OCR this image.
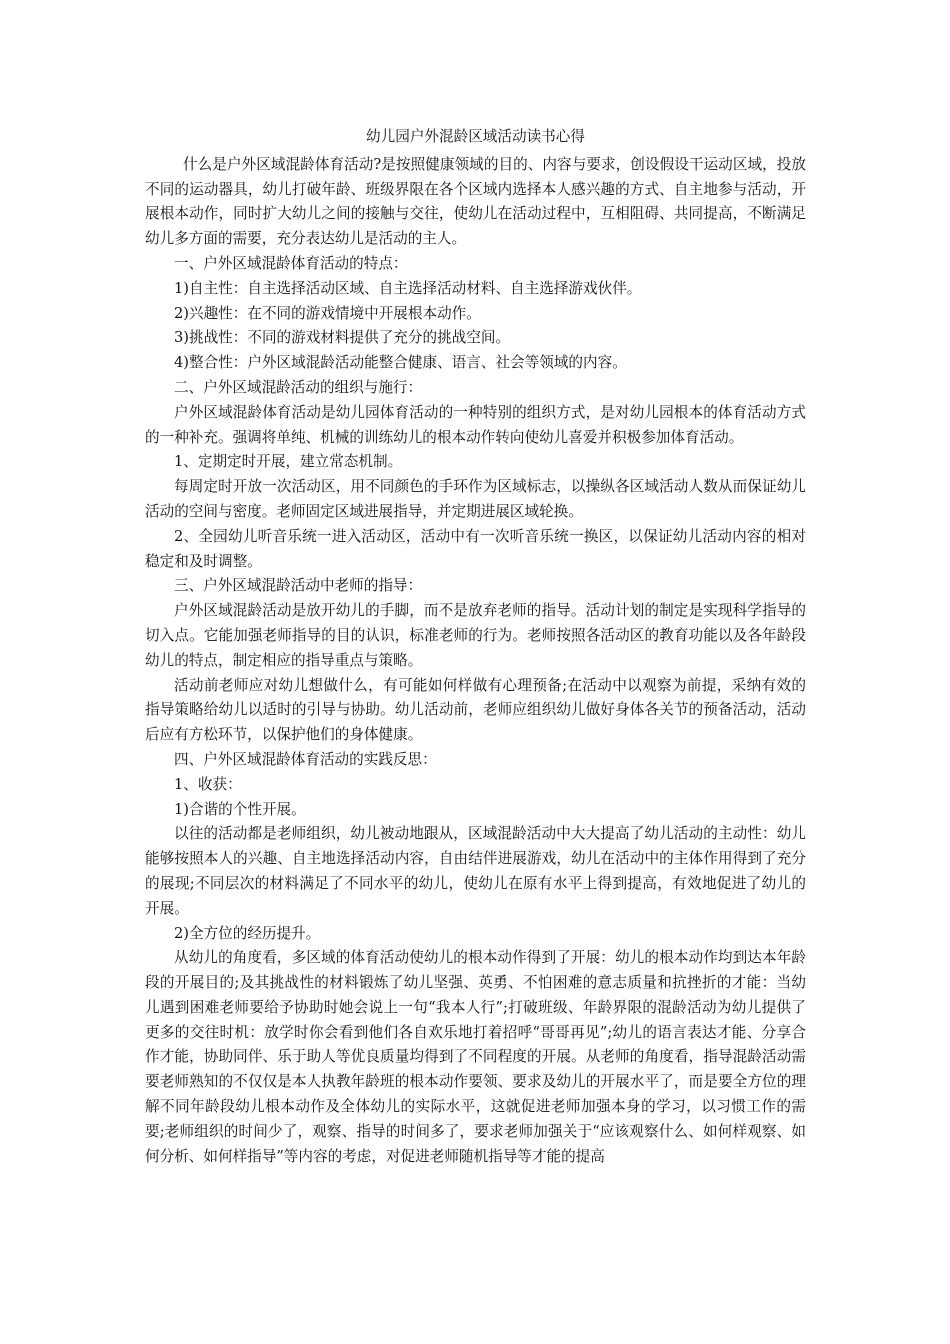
幼儿园户外混龄区域活动读书心得

什么是户外区域混龄体育活动?是按照健康领域的目的、内容与要求，创设假设干运动区域，投放不同的运动器具，幼儿打破年龄、班级界限在各个区域内选择本人感兴趣的方式、自主地参与活动，开展根本动作，同时扩大幼儿之间的接触与交往，使幼儿在活动过程中，互相阻碍、共同提高，不断满足幼儿多方面的需要，充分表达幼儿是活动的主人。

一、户外区域混龄体育活动的特点：

1)自主性：自主选择活动区域、自主选择活动材料、自主选择游戏伙伴。

2)兴趣性：在不同的游戏情境中开展根本动作。

3)挑战性：不同的游戏材料提供了充分的挑战空间。

4)整合性：户外区域混龄活动能整合健康、语言、社会等领域的内容。

二、户外区域混龄活动的组织与施行：

户外区域混龄体育活动是幼儿园体育活动的一种特别的组织方式，是对幼儿园根本的体育活动方式的一种补充。强调将单纯、机械的训练幼儿的根本动作转向使幼儿喜爱并积极参加体育活动。

1、定期定时开展，建立常态机制。

每周定时开放一次活动区，用不同颜色的手环作为区域标志，以操纵各区域活动人数从而保证幼儿活动的空间与密度。老师固定区域进展指导，并定期进展区域轮换。

2、全园幼儿听音乐统一进入活动区，活动中有一次听音乐统一换区，以保证幼儿活动内容的相对稳定和及时调整。

三、户外区域混龄活动中老师的指导：

户外区域混龄活动是放开幼儿的手脚，而不是放弃老师的指导。活动计划的制定是实现科学指导的切入点。它能加强老师指导的目的认识，标准老师的行为。老师按照各活动区的教育功能以及各年龄段幼儿的特点，制定相应的指导重点与策略。

活动前老师应对幼儿想做什么，有可能如何样做有心理预备;在活动中以观察为前提，采纳有效的指导策略给幼儿以适时的引导与协助。幼儿活动前，老师应组织幼儿做好身体各关节的预备活动，活动后应有方松环节，以保护他们的身体健康。

四、户外区域混龄体育活动的实践反思：

1、收获：

1)合谐的个性开展。

以往的活动都是老师组织，幼儿被动地跟从，区域混龄活动中大大提高了幼儿活动的主动性：幼儿能够按照本人的兴趣、自主地选择活动内容，自由结伴进展游戏，幼儿在活动中的主体作用得到了充分的展现;不同层次的材料满足了不同水平的幼儿，使幼儿在原有水平上得到提高，有效地促进了幼儿的开展。

2)全方位的经历提升。

从幼儿的角度看，多区域的体育活动使幼儿的根本动作得到了开展：幼儿的根本动作均到达本年龄段的开展目的;及其挑战性的材料锻炼了幼儿坚强、英勇、不怕困难的意志质量和抗挫折的才能：当幼儿遇到困难老师要给予协助时她会说上一句“我本人行”;打破班级、年龄界限的混龄活动为幼儿提供了更多的交往时机：放学时你会看到他们各自欢乐地打着招呼“哥哥再见”;幼儿的语言表达才能、分享合作才能，协助同伴、乐于助人等优良质量均得到了不同程度的开展。从老师的角度看，指导混龄活动需要老师熟知的不仅仅是本人执教年龄班的根本动作要领、要求及幼儿的开展水平了，而是要全方位的理解不同年龄段幼儿根本动作及全体幼儿的实际水平，这就促进老师加强本身的学习，以习惯工作的需要;老师组织的时间少了，观察、指导的时间多了，要求老师加强关于“应该观察什么、如何样观察、如何分析、如何样指导”等内容的考虑，对促进老师随机指导等才能的提高
